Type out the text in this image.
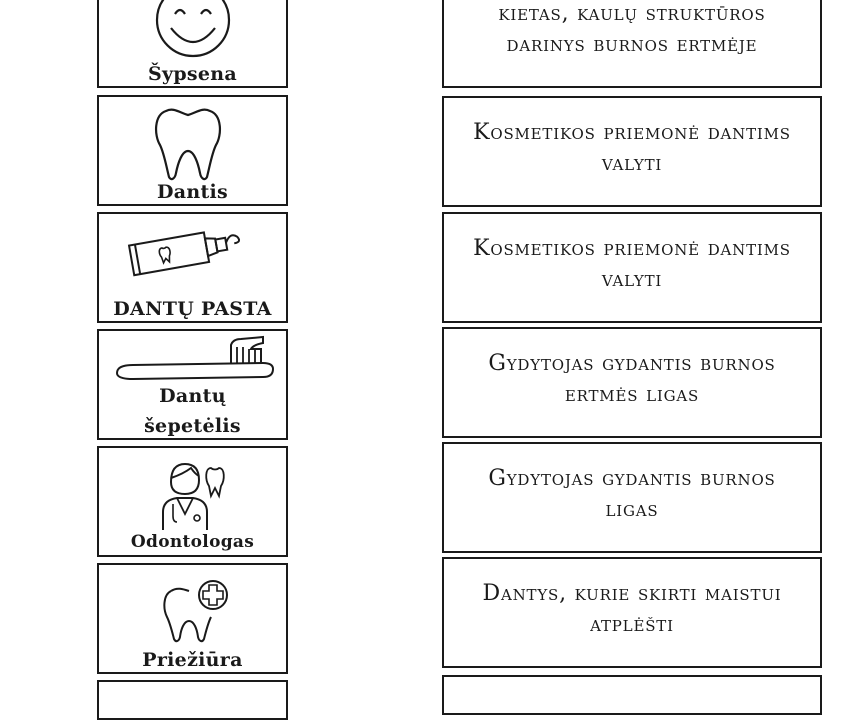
Šypsena
Dantis
DANTŲ PASTA
Dantų
šepetėlis
Odontologas
Priežiūra
kietas, kaulų struktūros
darinys burnos ertmėje
Kosmetikos priemonė dantims
valyti
Kosmetikos priemonė dantims
valyti
Gydytojas gydantis burnos
ertmės ligas
Gydytojas gydantis burnos
ligas
Dantys, kurie skirti maistui
atplėšti
